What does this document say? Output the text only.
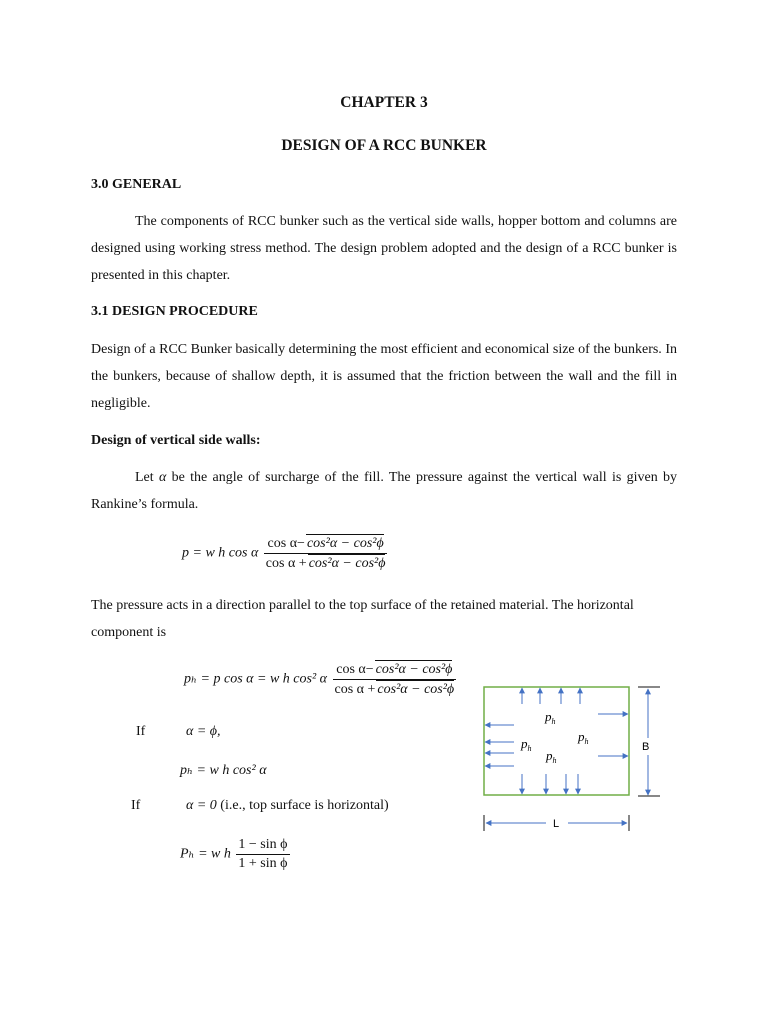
CHAPTER 3
DESIGN OF A RCC BUNKER
3.0 GENERAL
The components of RCC bunker such as the vertical side walls, hopper bottom and columns are designed using working stress method. The design problem adopted and the design of a RCC bunker is presented in this chapter.
3.1 DESIGN PROCEDURE
Design of a RCC Bunker basically determining the most efficient and economical size of the bunkers. In the bunkers, because of shallow depth, it is assumed that the friction between the wall and the fill in negligible.
Design of vertical side walls:
Let α be the angle of surcharge of the fill. The pressure against the vertical wall is given by Rankine’s formula.
p = w h cos α $\frac{\text{cos α− cos²α − cos²ϕ}}{\text{cos α + cos²α − cos²ϕ}}$
The pressure acts in a direction parallel to the top surface of the retained material. The horizontal component is
pₕ = p cos α = w h cos² α $\frac{\text{cos α− cos²α − cos²ϕ}}{\text{cos α + cos²α − cos²ϕ}}$
If	α = ϕ,
pₕ = w h cos² α
If	α = 0 (i.e., top surface is horizontal)
Pₕ = w h $\frac{\text{1 − sin ϕ}}{\text{1 + sin ϕ}}$
$p_h$
$p_h$
$p_h$
$p_h$
B
L
